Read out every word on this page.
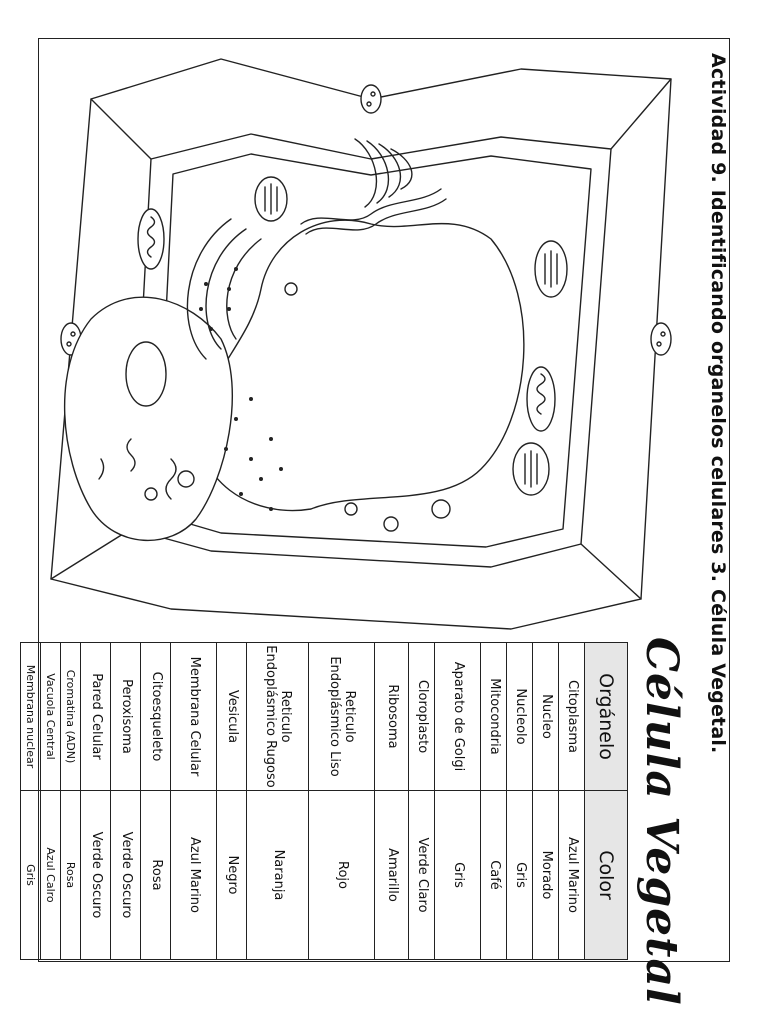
Actividad 9. Identificando organelos celulares 3. Célula Vegetal.
Célula Vegetal
Orgánelo	Color
Citoplasma	Azul Marino
Nucleo	Morado
Nucleolo	Gris
Mitocondria	Café
Aparato de Golgi	Gris
Cloroplasto	Verde Claro
Ribosoma	Amarillo
Reticulo Endoplásmico Liso	Rojo
Reticulo Endoplásmico Rugoso	Naranja
Vesicula	Negro
Membrana Celular	Azul Marino
Citoesqueleto	Rosa
Peroxisoma	Verde Oscuro
Pared Celular	Verde Oscuro
Cromatina (ADN)	Rosa
Vacuola Central	Azul Calro
Membrana nuclear	Gris
